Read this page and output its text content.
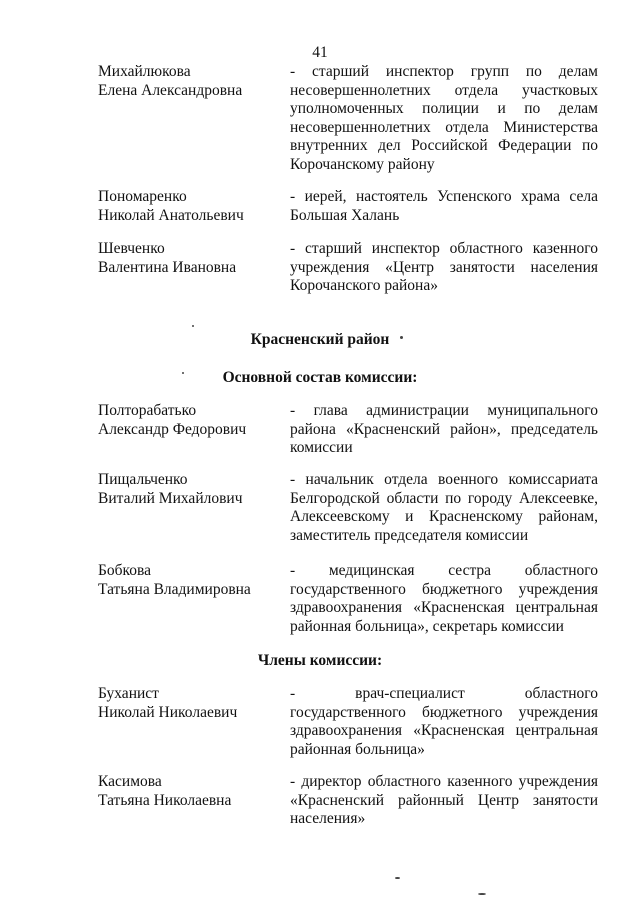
41
Михайлюкова
Елена Александровна
- старший инспектор групп по делам несовершеннолетних отдела участковых уполномоченных полиции и по делам несовершеннолетних отдела Министерства внутренних дел Российской Федерации по Корочанскому району
Пономаренко
Николай Анатольевич
- иерей, настоятель Успенского храма села Большая Халань
Шевченко
Валентина Ивановна
- старший инспектор областного казенного учреждения «Центр занятости населения Корочанского района»
Красненский район
Основной состав комиссии:
Полторабатько
Александр Федорович
- глава администрации муниципального района «Красненский район», председатель комиссии
Пищальченко
Виталий Михайлович
- начальник отдела военного комиссариата Белгородской области по городу Алексеевке, Алексеевскому и Красненскому районам, заместитель председателя комиссии
Бобкова
Татьяна Владимировна
- медицинская сестра областного государственного бюджетного учреждения здравоохранения «Красненская центральная районная больница», секретарь комиссии
Члены комиссии:
Буханист
Николай Николаевич
- врач-специалист областного государственного бюджетного учреждения здравоохранения «Красненская центральная районная больница»
Касимова
Татьяна Николаевна
- директор областного казенного учреждения «Красненский районный Центр занятости населения»
